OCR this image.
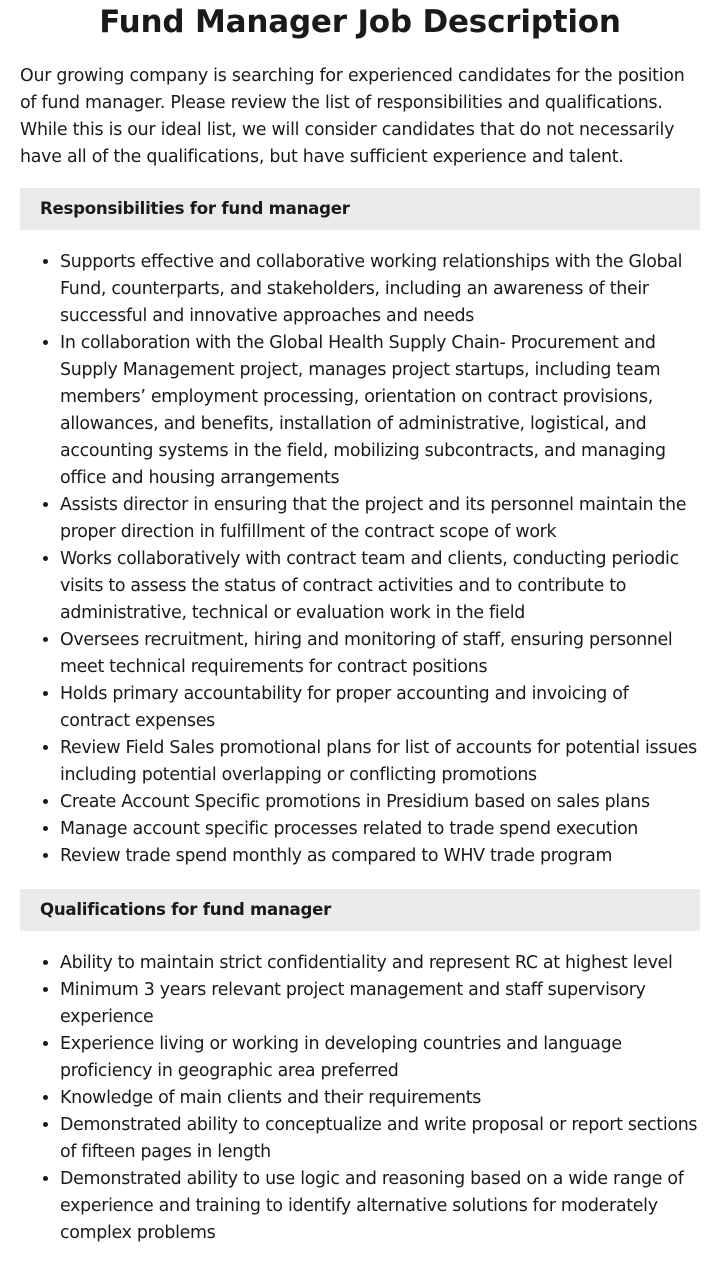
Fund Manager Job Description

Our growing company is searching for experienced candidates for the position of fund manager. Please review the list of responsibilities and qualifications. While this is our ideal list, we will consider candidates that do not necessarily have all of the qualifications, but have sufficient experience and talent.

Responsibilities for fund manager
• Supports effective and collaborative working relationships with the Global Fund, counterparts, and stakeholders, including an awareness of their successful and innovative approaches and needs
• In collaboration with the Global Health Supply Chain- Procurement and Supply Management project, manages project startups, including team members’ employment processing, orientation on contract provisions, allowances, and benefits, installation of administrative, logistical, and accounting systems in the field, mobilizing subcontracts, and managing office and housing arrangements
• Assists director in ensuring that the project and its personnel maintain the proper direction in fulfillment of the contract scope of work
• Works collaboratively with contract team and clients, conducting periodic visits to assess the status of contract activities and to contribute to administrative, technical or evaluation work in the field
• Oversees recruitment, hiring and monitoring of staff, ensuring personnel meet technical requirements for contract positions
• Holds primary accountability for proper accounting and invoicing of contract expenses
• Review Field Sales promotional plans for list of accounts for potential issues including potential overlapping or conflicting promotions
• Create Account Specific promotions in Presidium based on sales plans
• Manage account specific processes related to trade spend execution
• Review trade spend monthly as compared to WHV trade program
Qualifications for fund manager
• Ability to maintain strict confidentiality and represent RC at highest level
• Minimum 3 years relevant project management and staff supervisory experience
• Experience living or working in developing countries and language proficiency in geographic area preferred
• Knowledge of main clients and their requirements
• Demonstrated ability to conceptualize and write proposal or report sections of fifteen pages in length
• Demonstrated ability to use logic and reasoning based on a wide range of experience and training to identify alternative solutions for moderately complex problems
